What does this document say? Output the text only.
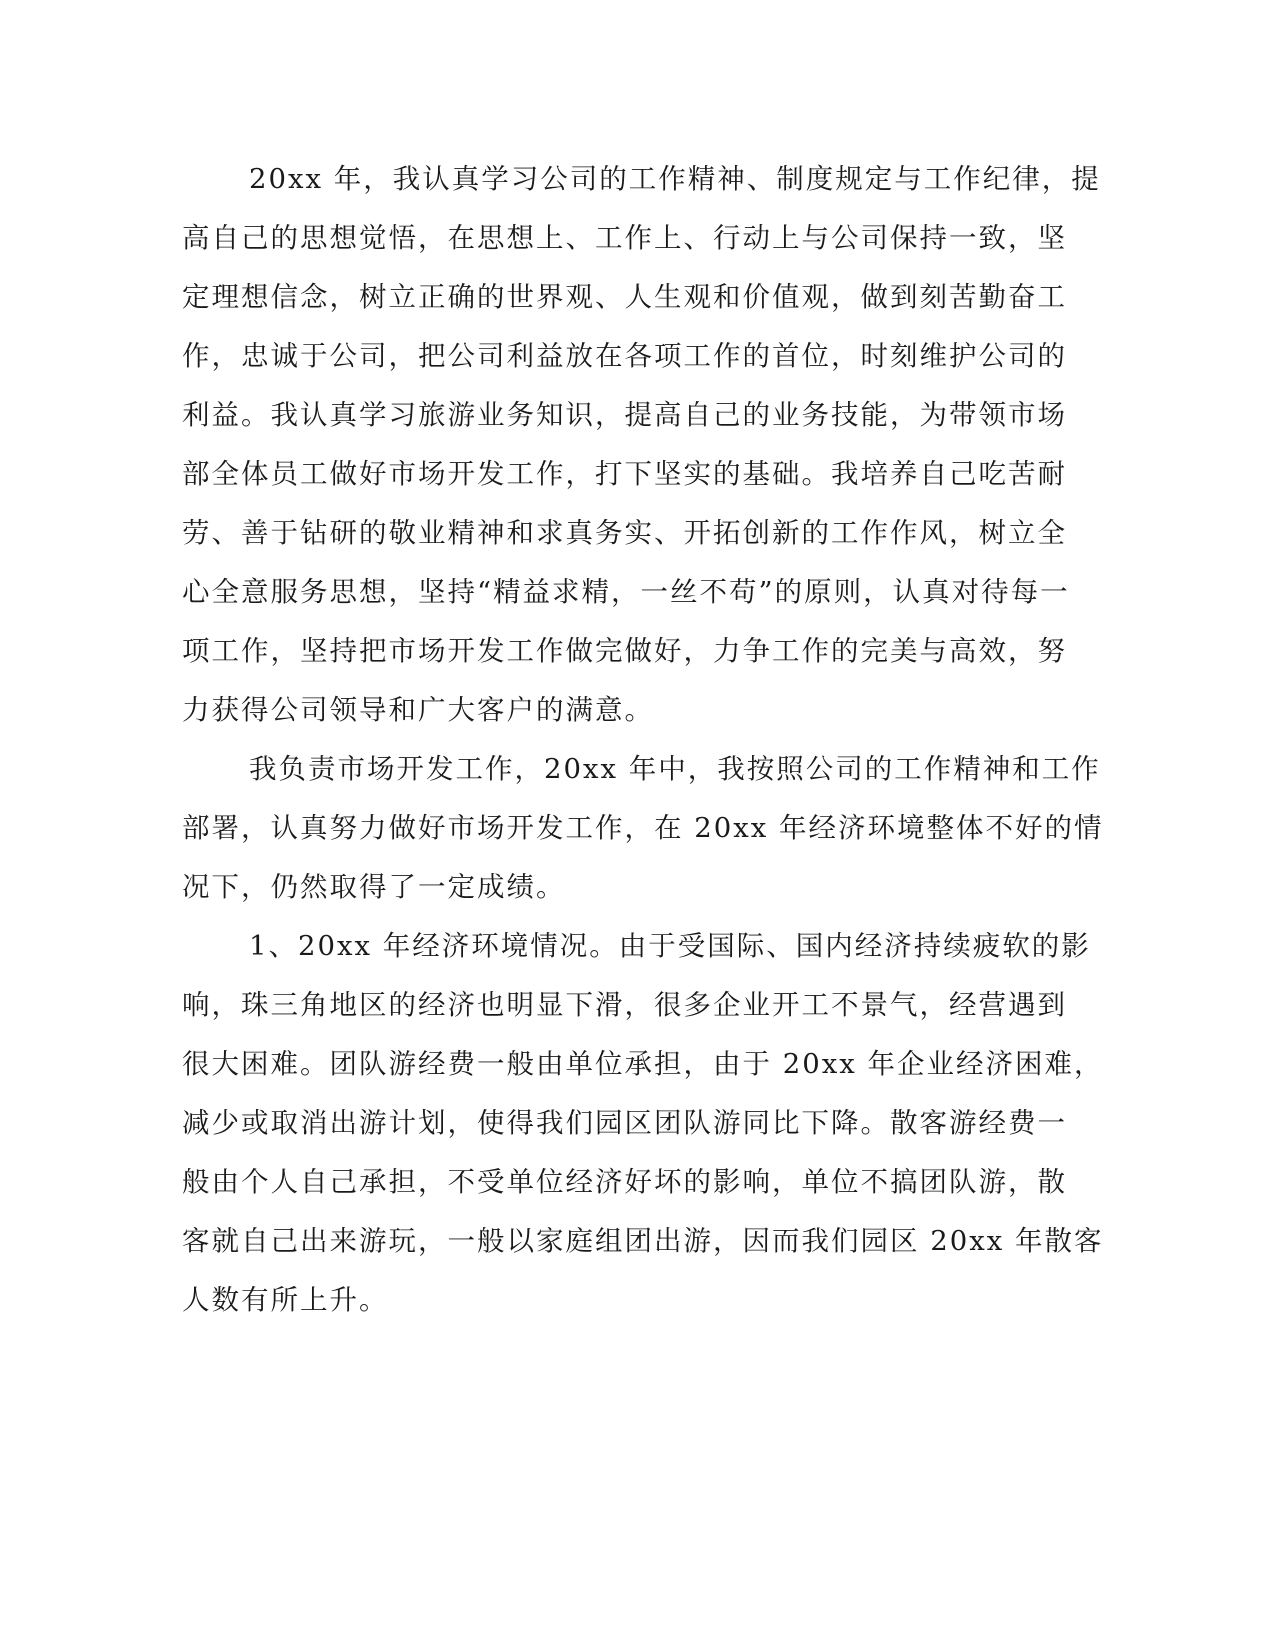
20xx 年，我认真学习公司的工作精神、制度规定与工作纪律，提
高自己的思想觉悟，在思想上、工作上、行动上与公司保持一致，坚
定理想信念，树立正确的世界观、人生观和价值观，做到刻苦勤奋工
作，忠诚于公司，把公司利益放在各项工作的首位，时刻维护公司的
利益。我认真学习旅游业务知识，提高自己的业务技能，为带领市场
部全体员工做好市场开发工作，打下坚实的基础。我培养自己吃苦耐
劳、善于钻研的敬业精神和求真务实、开拓创新的工作作风，树立全
心全意服务思想，坚持“精益求精，一丝不苟”的原则，认真对待每一
项工作，坚持把市场开发工作做完做好，力争工作的完美与高效，努
力获得公司领导和广大客户的满意。
我负责市场开发工作，20xx 年中，我按照公司的工作精神和工作
部署，认真努力做好市场开发工作，在 20xx 年经济环境整体不好的情
况下，仍然取得了一定成绩。
1、20xx 年经济环境情况。由于受国际、国内经济持续疲软的影
响，珠三角地区的经济也明显下滑，很多企业开工不景气，经营遇到
很大困难。团队游经费一般由单位承担，由于 20xx 年企业经济困难，
减少或取消出游计划，使得我们园区团队游同比下降。散客游经费一
般由个人自己承担，不受单位经济好坏的影响，单位不搞团队游，散
客就自己出来游玩，一般以家庭组团出游，因而我们园区 20xx 年散客
人数有所上升。
